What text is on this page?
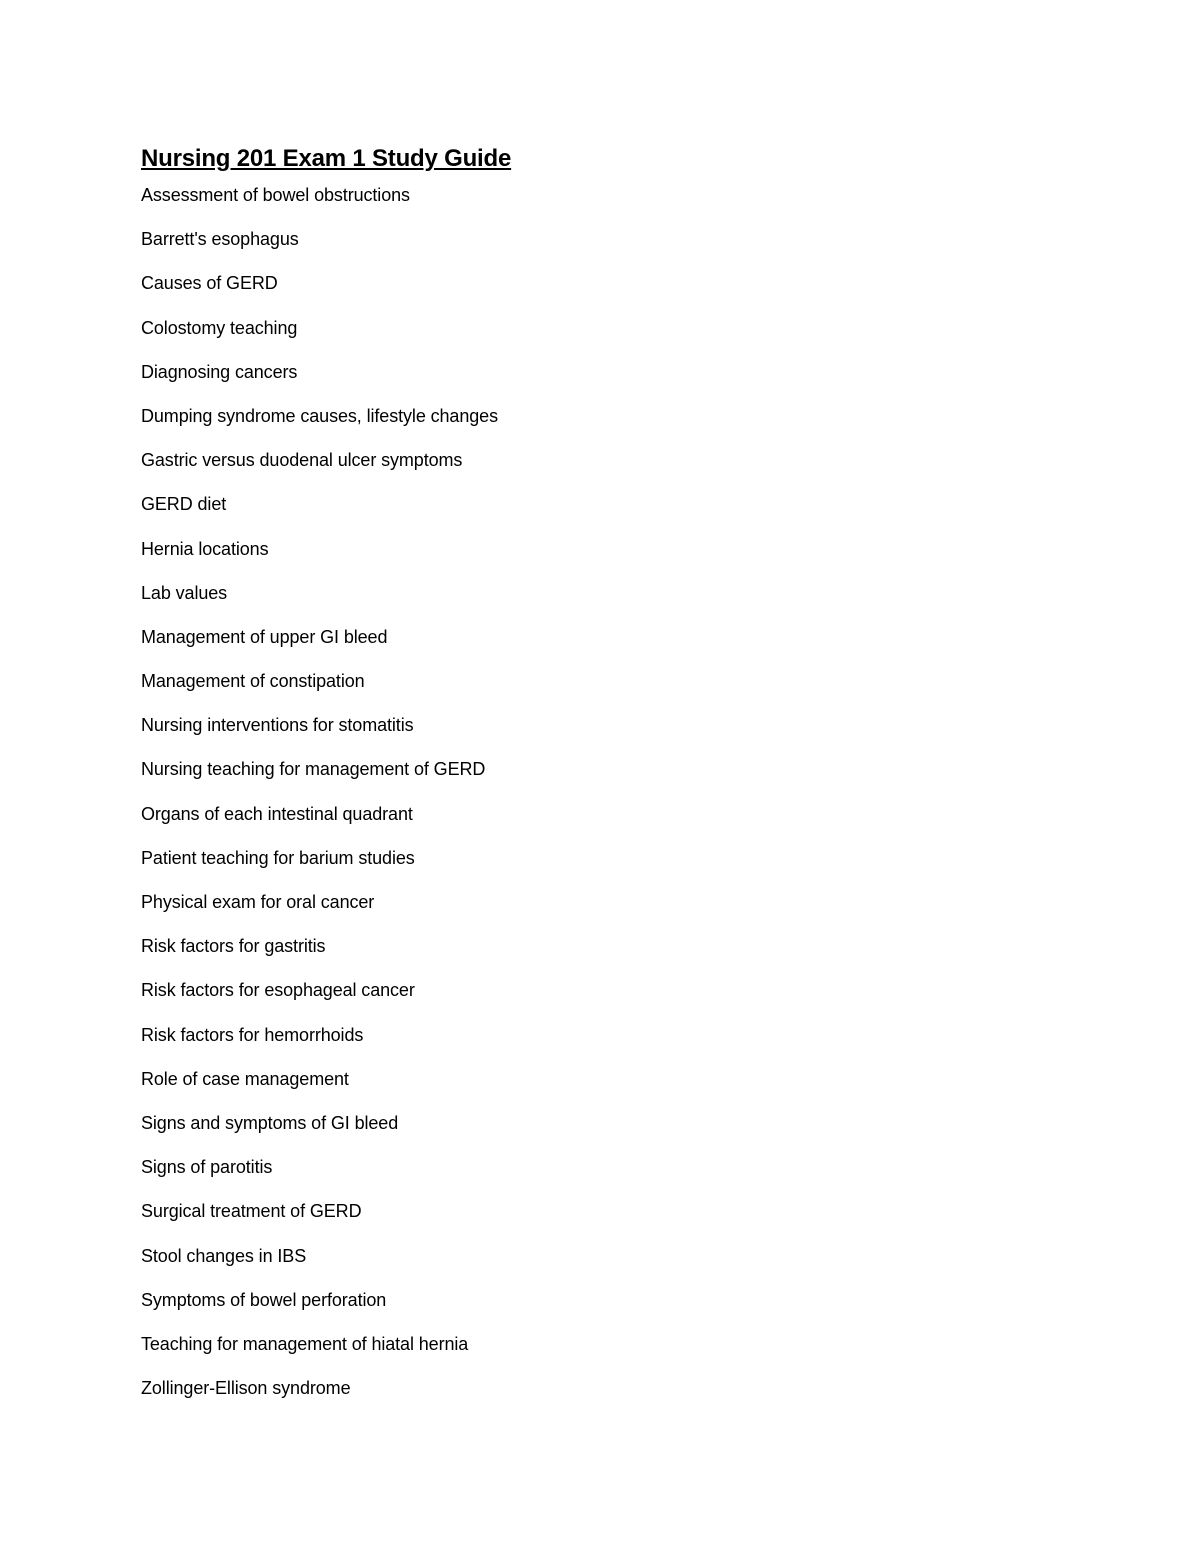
Nursing 201 Exam 1 Study Guide
Assessment of bowel obstructions
Barrett's esophagus
Causes of GERD
Colostomy teaching
Diagnosing cancers
Dumping syndrome causes, lifestyle changes
Gastric versus duodenal ulcer symptoms
GERD diet
Hernia locations
Lab values
Management of upper GI bleed
Management of constipation
Nursing interventions for stomatitis
Nursing teaching for management of GERD
Organs of each intestinal quadrant
Patient teaching for barium studies
Physical exam for oral cancer
Risk factors for gastritis
Risk factors for esophageal cancer
Risk factors for hemorrhoids
Role of case management
Signs and symptoms of GI bleed
Signs of parotitis
Surgical treatment of GERD
Stool changes in IBS
Symptoms of bowel perforation
Teaching for management of hiatal hernia
Zollinger-Ellison syndrome
